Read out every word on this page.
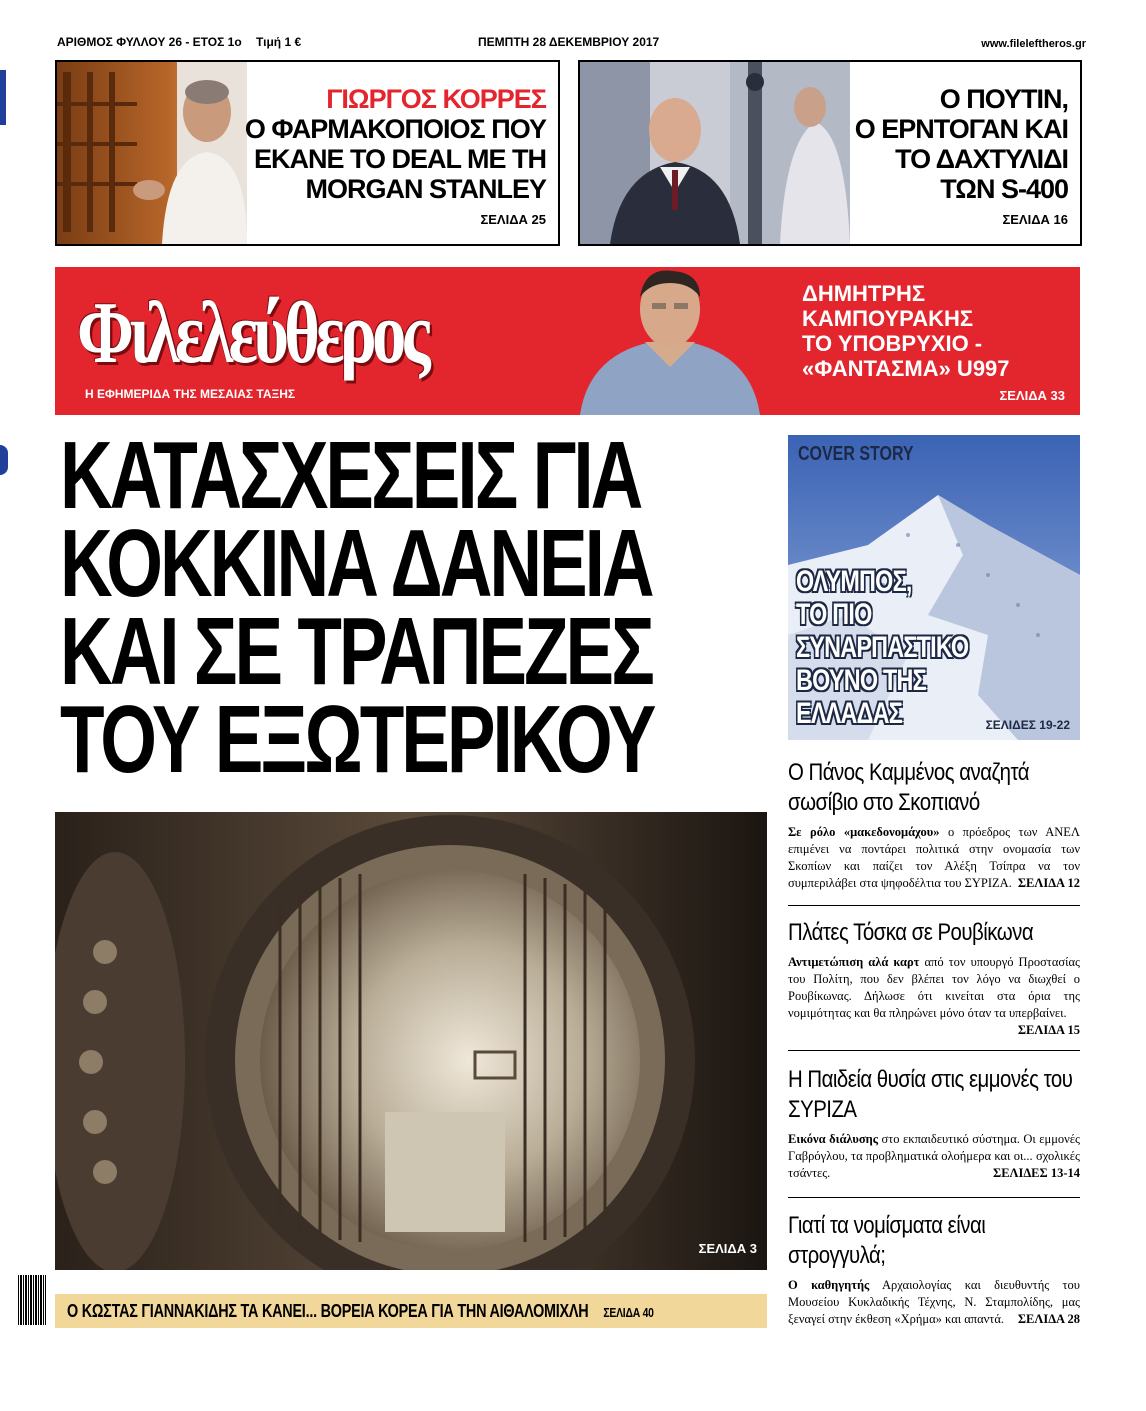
ΑΡΙΘΜΟΣ ΦΥΛΛΟΥ 26 - ΕΤΟΣ 1ο Τιμή 1 €	ΠΕΜΠΤΗ 28 ΔΕΚΕΜΒΡΙΟΥ 2017	www.fileleftheros.gr
ΓΙΩΡΓΟΣ ΚΟΡΡΕΣ
Ο ΦΑΡΜΑΚΟΠΟΙΟΣ ΠΟΥ
ΕΚΑΝΕ ΤΟ DEAL ΜΕ ΤΗ
MORGAN STANLEY
ΣΕΛΙΔΑ 25
Ο ΠΟΥΤΙΝ,
Ο ΕΡΝΤΟΓΑΝ ΚΑΙ
ΤΟ ΔΑΧΤΥΛΙΔΙ
ΤΩΝ S-400
ΣΕΛΙΔΑ 16
Φιλελεύθερος
Η ΕΦΗΜΕΡΙΔΑ ΤΗΣ ΜΕΣΑΙΑΣ ΤΑΞΗΣ
ΔΗΜΗΤΡΗΣ
ΚΑΜΠΟΥΡΑΚΗΣ
ΤΟ ΥΠΟΒΡΥΧΙΟ -
«ΦΑΝΤΑΣΜΑ» U997
ΣΕΛΙΔΑ 33
ΚΑΤΑΣΧΕΣΕΙΣ ΓΙΑ
ΚΟΚΚΙΝΑ ΔΑΝΕΙΑ
ΚΑΙ ΣΕ ΤΡΑΠΕΖΕΣ
ΤΟΥ ΕΞΩΤΕΡΙΚΟΥ
ΣΕΛΙΔΑ 3
Ο ΚΩΣΤΑΣ ΓΙΑΝΝΑΚΙΔΗΣ ΤΑ ΚΑΝΕΙ... ΒΟΡΕΙΑ ΚΟΡΕΑ ΓΙΑ ΤΗΝ ΑΙΘΑΛΟΜΙΧΛΗ ΣΕΛΙΔΑ 40
COVER STORY
ΟΛΥΜΠΟΣ,
ΤΟ ΠΙΟ
ΣΥΝΑΡΠΑΣΤΙΚΟ
ΒΟΥΝΟ ΤΗΣ
ΕΛΛΑΔΑΣ	ΣΕΛΙΔΕΣ 19-22
Ο Πάνος Καμμένος αναζητά σωσίβιο στο Σκοπιανό
Σε ρόλο «μακεδονομάχου» ο πρόεδρος των ΑΝΕΛ επιμένει να ποντάρει πολιτικά στην ονομασία των Σκοπίων και παίζει τον Αλέξη Τσίπρα να τον συμπεριλάβει στα ψηφοδέλτια του ΣΥΡΙΖΑ. ΣΕΛΙΔΑ 12
Πλάτες Τόσκα σε Ρουβίκωνα
Αντιμετώπιση αλά καρτ από τον υπουργό Προστασίας του Πολίτη, που δεν βλέπει τον λόγο να διωχθεί ο Ρουβίκωνας. Δήλωσε ότι κινείται στα όρια της νομιμότητας και θα πληρώνει μόνο όταν τα υπερβαίνει.
ΣΕΛΙΔΑ 15
Η Παιδεία θυσία στις εμμονές του ΣΥΡΙΖΑ
Εικόνα διάλυσης στο εκπαιδευτικό σύστημα. Οι εμμονές Γαβρόγλου, τα προβληματικά ολοήμερα και οι... σχολικές τσάντες.	ΣΕΛΙΔΕΣ 13-14
Γιατί τα νομίσματα είναι στρογγυλά;
Ο καθηγητής Αρχαιολογίας και διευθυντής του Μουσείου Κυκλαδικής Τέχνης, Ν. Σταμπολίδης, μας ξεναγεί στην έκθεση «Χρήμα» και απαντά. ΣΕΛΙΔΑ 28
